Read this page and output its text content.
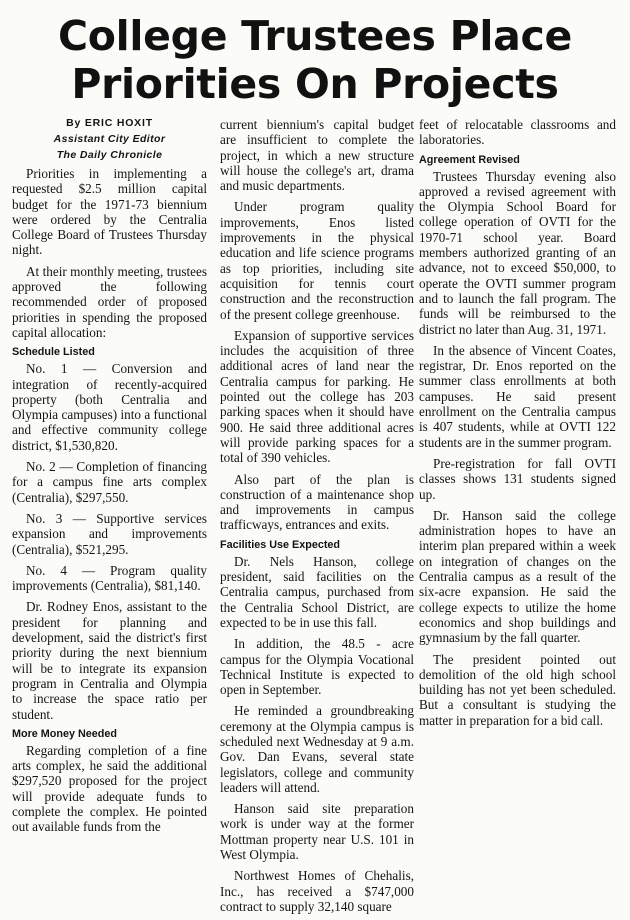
College Trustees Place
Priorities On Projects
By ERIC HOXIT
Assistant City Editor
The Daily Chronicle

Priorities in implementing a requested $2.5 million capital budget for the 1971-73 biennium were ordered by the Centralia College Board of Trustees Thursday night.

At their monthly meeting, trustees approved the following recommended order of proposed priorities in spending the proposed capital allocation:

Schedule Listed

No. 1 — Conversion and integration of recently-acquired property (both Centralia and Olympia campuses) into a functional and effective community college district, $1,530,820.

No. 2 — Completion of financing for a campus fine arts complex (Centralia), $297,550.

No. 3 — Supportive services expansion and improvements (Centralia), $521,295.

No. 4 — Program quality improvements (Centralia), $81,140.

Dr. Rodney Enos, assistant to the president for planning and development, said the district's first priority during the next biennium will be to integrate its expansion program in Centralia and Olympia to increase the space ratio per student.

More Money Needed

Regarding completion of a fine arts complex, he said the additional $297,520 proposed for the project will provide adequate funds to complete the complex. He pointed out available funds from the

current biennium's capital budget are insufficient to complete the project, in which a new structure will house the college's art, drama and music departments.

Under program quality improvements, Enos listed improvements in the physical education and life science programs as top priorities, including site acquisition for tennis court construction and the reconstruction of the present college greenhouse.

Expansion of supportive services includes the acquisition of three additional acres of land near the Centralia campus for parking. He pointed out the college has 203 parking spaces when it should have 900. He said three additional acres will provide parking spaces for a total of 390 vehicles.

Also part of the plan is construction of a maintenance shop and improvements in campus trafficways, entrances and exits.

Facilities Use Expected

Dr. Nels Hanson, college president, said facilities on the Centralia campus, purchased from the Centralia School District, are expected to be in use this fall.

In addition, the 48.5 - acre campus for the Olympia Vocational Technical Institute is expected to open in September.

He reminded a groundbreaking ceremony at the Olympia campus is scheduled next Wednesday at 9 a.m. Gov. Dan Evans, several state legislators, college and community leaders will attend.

Hanson said site preparation work is under way at the former Mottman property near U.S. 101 in West Olympia.

Northwest Homes of Chehalis, Inc., has received a $747,000 contract to supply 32,140 square

feet of relocatable classrooms and laboratories.

Agreement Revised

Trustees Thursday evening also approved a revised agreement with the Olympia School Board for college operation of OVTI for the 1970-71 school year. Board members authorized granting of an advance, not to exceed $50,000, to operate the OVTI summer program and to launch the fall program. The funds will be reimbursed to the district no later than Aug. 31, 1971.

In the absence of Vincent Coates, registrar, Dr. Enos reported on the summer class enrollments at both campuses. He said present enrollment on the Centralia campus is 407 students, while at OVTI 122 students are in the summer program.

Pre-registration for fall OVTI classes shows 131 students signed up.

Dr. Hanson said the college administration hopes to have an interim plan prepared within a week on integration of changes on the Centralia campus as a result of the six-acre expansion. He said the college expects to utilize the home economics and shop buildings and gymnasium by the fall quarter.

The president pointed out demolition of the old high school building has not yet been scheduled. But a consultant is studying the matter in preparation for a bid call.
